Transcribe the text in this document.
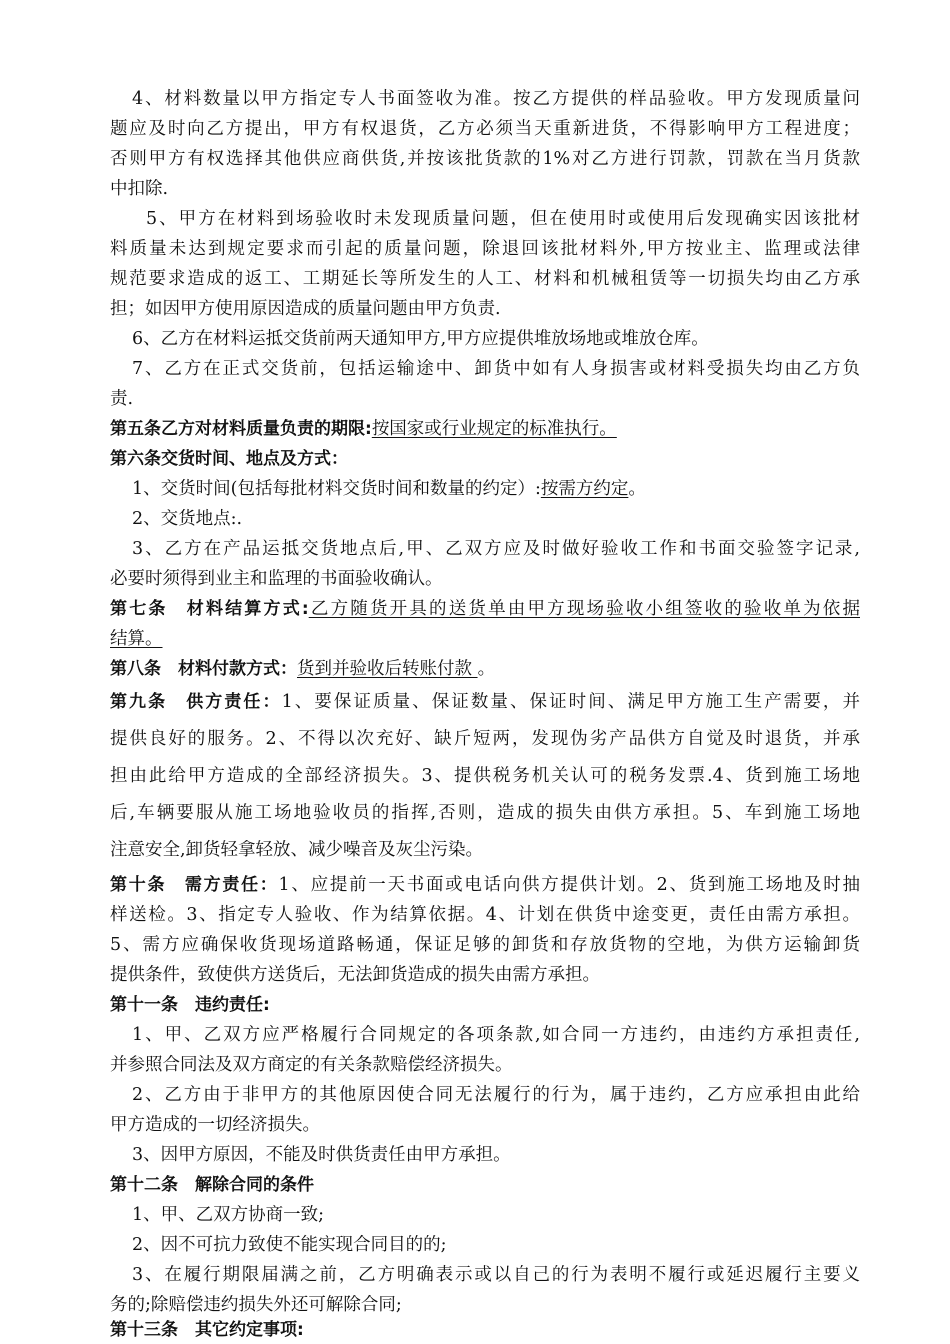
4、材料数量以甲方指定专人书面签收为准。按乙方提供的样品验收。甲方发现质量问
题应及时向乙方提出，甲方有权退货，乙方必须当天重新进货，不得影响甲方工程进度；
否则甲方有权选择其他供应商供货,并按该批货款的1%对乙方进行罚款，罚款在当月货款
中扣除.
5、甲方在材料到场验收时未发现质量问题，但在使用时或使用后发现确实因该批材
料质量未达到规定要求而引起的质量问题，除退回该批材料外,甲方按业主、监理或法律
规范要求造成的返工、工期延长等所发生的人工、材料和机械租赁等一切损失均由乙方承
担；如因甲方使用原因造成的质量问题由甲方负责.
6、乙方在材料运抵交货前两天通知甲方,甲方应提供堆放场地或堆放仓库。
7、乙方在正式交货前，包括运输途中、卸货中如有人身损害或材料受损失均由乙方负
责.
第五条乙方对材料质量负责的期限:按国家或行业规定的标准执行。
第六条交货时间、地点及方式：
1、交货时间(包括每批材料交货时间和数量的约定）:按需方约定。
2、交货地点:.
3、乙方在产品运抵交货地点后,甲、乙双方应及时做好验收工作和书面交验签字记录,
必要时须得到业主和监理的书面验收确认。
第七条　材料结算方式:乙方随货开具的送货单由甲方现场验收小组签收的验收单为依据
结算。
第八条　材料付款方式：货到并验收后转账付款 。
第九条　供方责任：1、要保证质量、保证数量、保证时间、满足甲方施工生产需要，并
提供良好的服务。2、不得以次充好、缺斤短两，发现伪劣产品供方自觉及时退货，并承
担由此给甲方造成的全部经济损失。3、提供税务机关认可的税务发票.4、货到施工场地
后,车辆要服从施工场地验收员的指挥,否则，造成的损失由供方承担。5、车到施工场地
注意安全,卸货轻拿轻放、减少噪音及灰尘污染。
第十条　需方责任：1、应提前一天书面或电话向供方提供计划。2、货到施工场地及时抽
样送检。3、指定专人验收、作为结算依据。4、计划在供货中途变更，责任由需方承担。
5、需方应确保收货现场道路畅通，保证足够的卸货和存放货物的空地，为供方运输卸货
提供条件，致使供方送货后，无法卸货造成的损失由需方承担。
第十一条　违约责任:
1、甲、乙双方应严格履行合同规定的各项条款,如合同一方违约，由违约方承担责任,
并参照合同法及双方商定的有关条款赔偿经济损失。
2、乙方由于非甲方的其他原因使合同无法履行的行为，属于违约，乙方应承担由此给
甲方造成的一切经济损失。
3、因甲方原因，不能及时供货责任由甲方承担。
第十二条　解除合同的条件
1、甲、乙双方协商一致;
2、因不可抗力致使不能实现合同目的的;
3、在履行期限届满之前，乙方明确表示或以自己的行为表明不履行或延迟履行主要义
务的;除赔偿违约损失外还可解除合同;
第十三条　其它约定事项:
